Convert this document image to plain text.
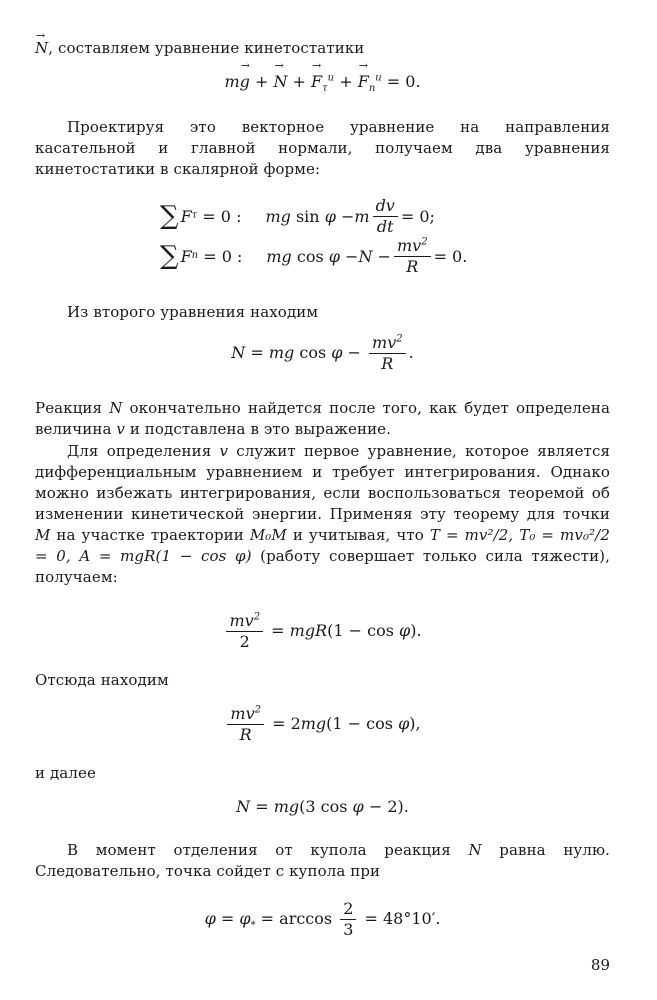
→ N, составляем уравнение кинетостатики

m→ g + → N + → $F_\tau^и$ + → $F_n^и = 0$.

Проектируя это векторное уравнение на направления касательной и главной нормали, получаем два уравнения кинетостатики в скалярной форме:

∑ F τ = 0 : mg sin φ − m $\frac{dv}{dt} = 0$;
∑ F n = 0 : mg $\cos \varphi - N - \frac{mv^2}{R} = 0$.

Из второго уравнения находим

N = mg $\cos \varphi - \frac{mv^2}{R}$ .

Реакция N окончательно найдется после того, как будет определена величина v и подставлена в это выражение.

Для определения v служит первое уравнение, которое является дифференциальным уравнением и требует интегрирования. Однако можно избежать интегрирования, если воспользоваться теоремой об изменении кинетической энергии. Применяя эту теорему для точки M на участке траектории M₀M и учитывая, что T = mv²/2, T₀ = mv₀²/2 = 0, A = mgR(1 − cos φ) (работу совершает только сила тяжести), получаем:

$\frac{mv^2}{2} = mgR(1 - \cos \varphi)$.

Отсюда находим

$\frac{mv^2}{R} = 2mg(1 - \cos \varphi)$,

и далее

N = mg(3 cos φ − 2).

В момент отделения от купола реакция N равна нулю. Следовательно, точка сойдет с купола при

$\varphi = \varphi_* = \arccos \frac{2}{3} = 48^\circ 10'$.
89
